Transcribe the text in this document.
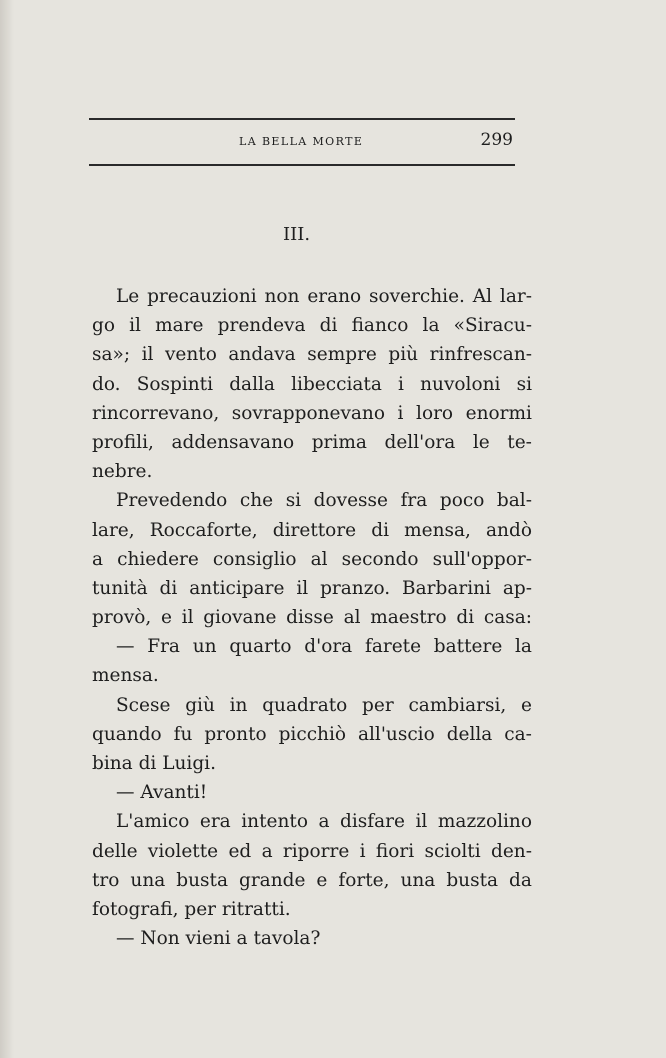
LA BELLA MORTE	299
III.
Le precauzioni non erano soverchie. Al lar-
go il mare prendeva di fianco la «Siracu-
sa»; il vento andava sempre più rinfrescan-
do. Sospinti dalla libecciata i nuvoloni si
rincorrevano, sovrapponevano i loro enormi
profili, addensavano prima dell'ora le te-
nebre.
Prevedendo che si dovesse fra poco bal-
lare, Roccaforte, direttore di mensa, andò
a chiedere consiglio al secondo sull'oppor-
tunità di anticipare il pranzo. Barbarini ap-
provò, e il giovane disse al maestro di casa:
— Fra un quarto d'ora farete battere la
mensa.
Scese giù in quadrato per cambiarsi, e
quando fu pronto picchiò all'uscio della ca-
bina di Luigi.
— Avanti!
L'amico era intento a disfare il mazzolino
delle violette ed a riporre i fiori sciolti den-
tro una busta grande e forte, una busta da
fotografi, per ritratti.
— Non vieni a tavola?
